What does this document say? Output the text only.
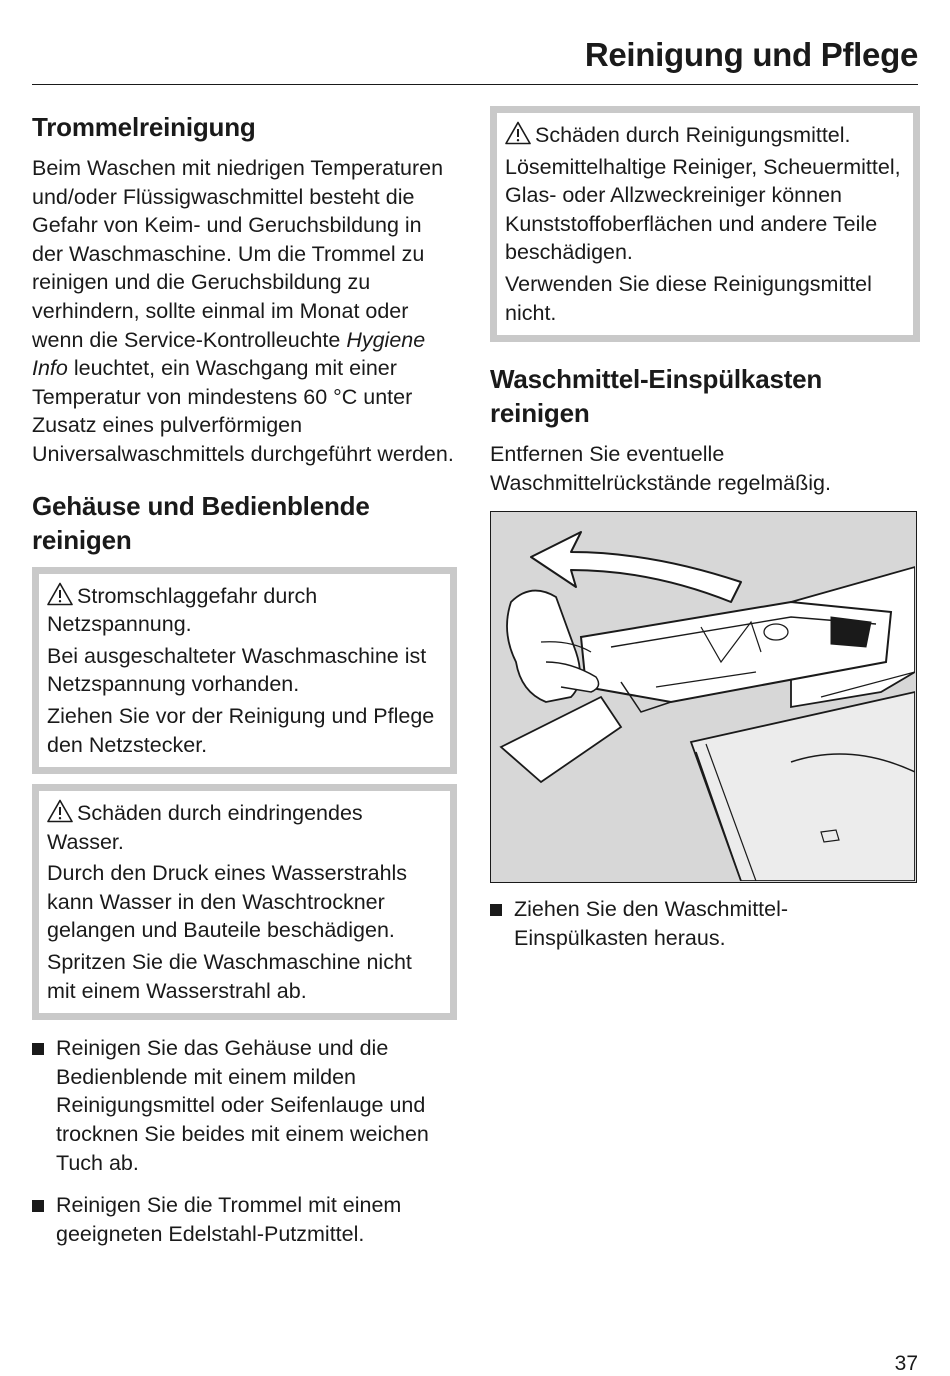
Reinigung und Pflege
Trommelreinigung

Beim Waschen mit niedrigen Temperaturen und/oder Flüssigwaschmittel besteht die Gefahr von Keim- und Geruchsbildung in der Waschmaschine. Um die Trommel zu reinigen und die Geruchsbildung zu verhindern, sollte einmal im Monat oder wenn die Service-Kontrolleuchte Hygiene Info leuchtet, ein Waschgang mit einer Temperatur von mindestens 60 °C unter Zusatz eines pulverförmigen Universalwaschmittels durchgeführt werden.

Gehäuse und Bedienblende reinigen

Stromschlaggefahr durch Netzspannung.

Bei ausgeschalteter Waschmaschine ist Netzspannung vorhanden.

Ziehen Sie vor der Reinigung und Pflege den Netzstecker.

Schäden durch eindringendes Wasser.

Durch den Druck eines Wasserstrahls kann Wasser in den Waschtrockner gelangen und Bauteile beschädigen.

Spritzen Sie die Waschmaschine nicht mit einem Wasserstrahl ab.

Reinigen Sie das Gehäuse und die Bedienblende mit einem milden Reinigungsmittel oder Seifenlauge und trocknen Sie beides mit einem weichen Tuch ab.

Reinigen Sie die Trommel mit einem geeigneten Edelstahl-Putzmittel.

Schäden durch Reinigungsmittel.

Lösemittelhaltige Reiniger, Scheuermittel, Glas- oder Allzweckreiniger können Kunststoffoberflächen und andere Teile beschädigen.

Verwenden Sie diese Reinigungsmittel nicht.

Waschmittel-Einspülkasten reinigen

Entfernen Sie eventuelle Waschmittelrückstände regelmäßig.

Ziehen Sie den Waschmittel-Einspülkasten heraus.

37
